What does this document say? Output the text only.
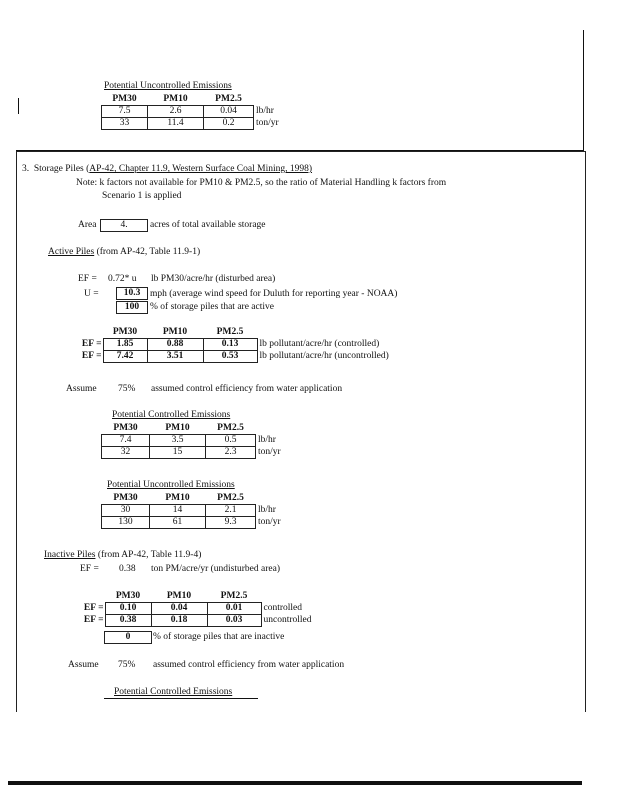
Potential Uncontrolled Emissions
PM30	PM10	PM2.5	
7.5	2.6	0.04	lb/hr
33	11.4	0.2	ton/yr
3. Storage Piles (AP-42, Chapter 11.9, Western Surface Coal Mining, 1998)
Note: k factors not available for PM10 & PM2.5, so the ratio of Material Handling k factors from
Scenario 1 is applied
Area	4.	acres of total available storage
Active Piles (from AP-42, Table 11.9-1)
EF = 0.72* u lb PM30/acre/hr (disturbed area)
U =	10.3	mph (average wind speed for Duluth for reporting year - NOAA)
100	% of storage piles that are active
	PM30	PM10	PM2.5	
EF =	1.85	0.88	0.13	lb pollutant/acre/hr (controlled)
EF =	7.42	3.51	0.53	lb pollutant/acre/hr (uncontrolled)
Assume 75% assumed control efficiency from water application
Potential Controlled Emissions
PM30	PM10	PM2.5	
7.4	3.5	0.5	lb/hr
32	15	2.3	ton/yr
Potential Uncontrolled Emissions
PM30	PM10	PM2.5	
30	14	2.1	lb/hr
130	61	9.3	ton/yr
Inactive Piles (from AP-42, Table 11.9-4)
EF = 0.38 ton PM/acre/yr (undisturbed area)
	PM30	PM10	PM2.5	
EF =	0.10	0.04	0.01	controlled
EF =	0.38	0.18	0.03	uncontrolled
0	% of storage piles that are inactive
Assume 75% assumed control efficiency from water application
Potential Controlled Emissions
